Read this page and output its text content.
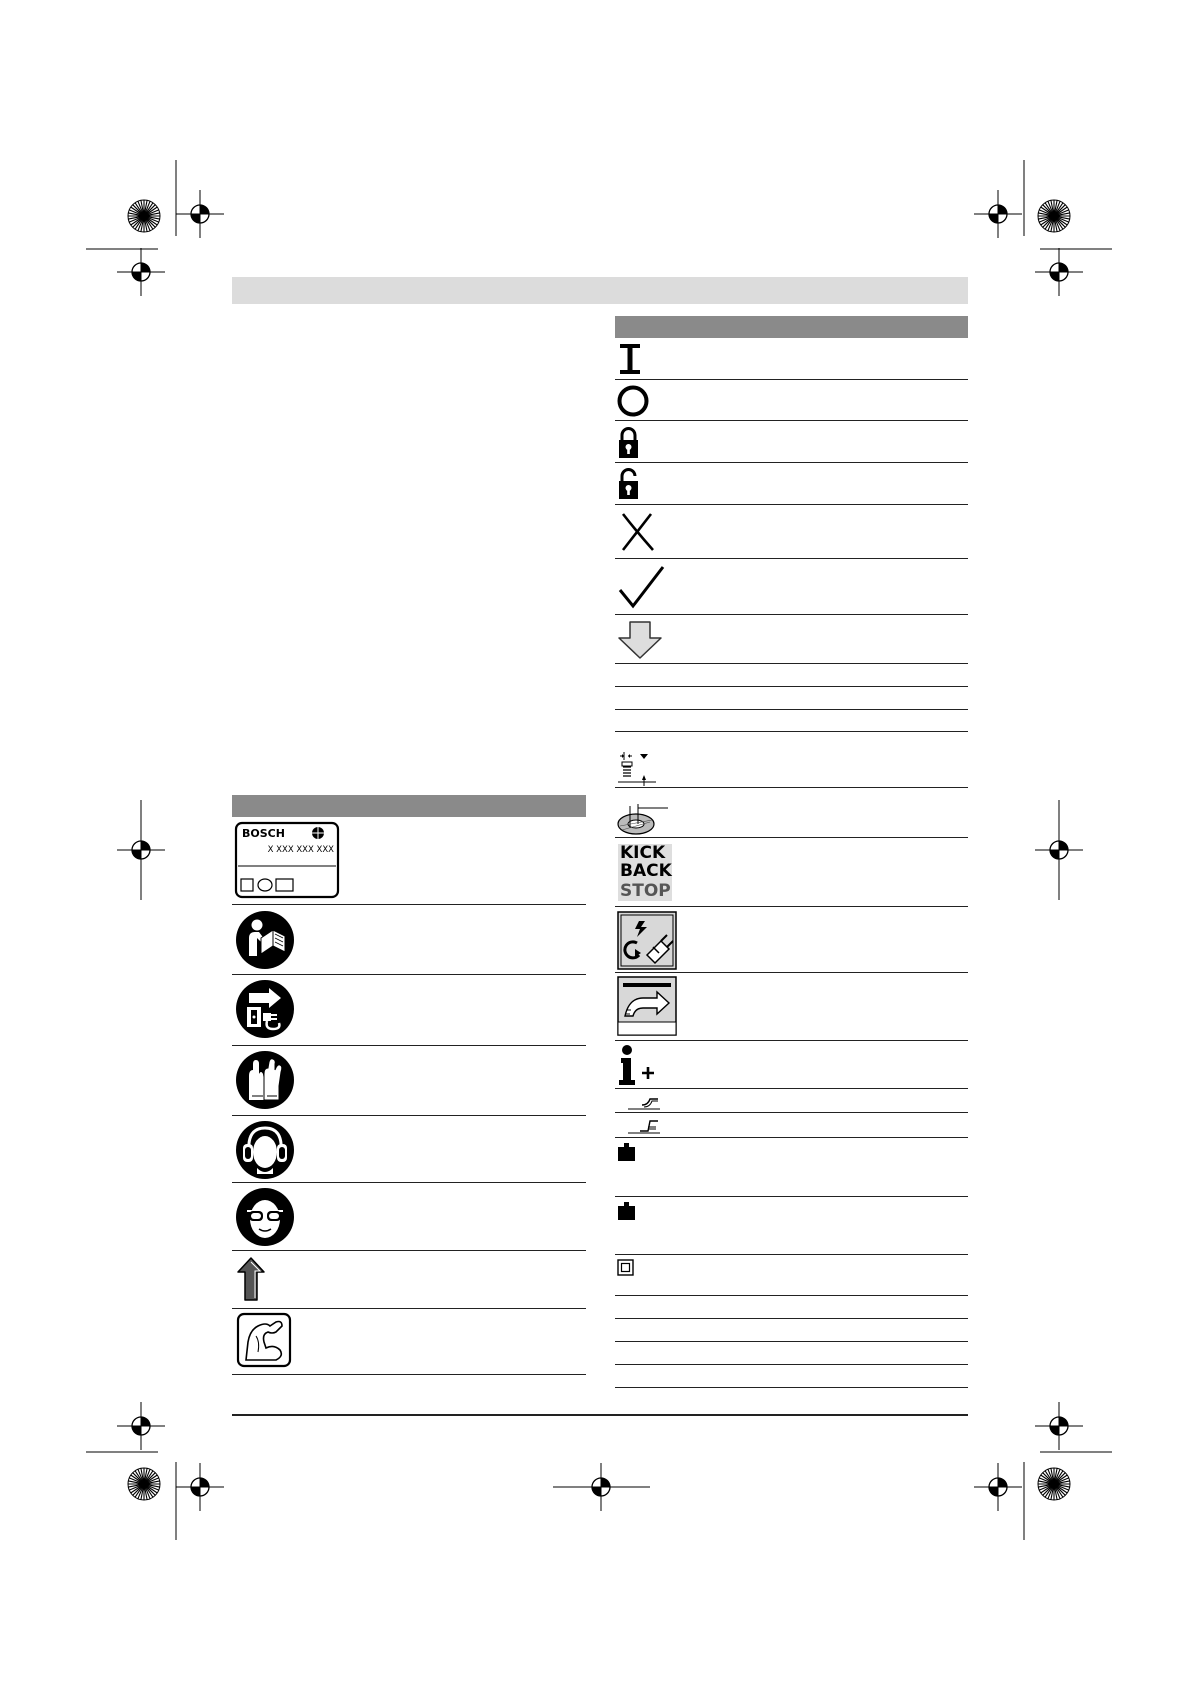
KICK
BACK
STOP
BOSCH
X XXX XXX XXX
